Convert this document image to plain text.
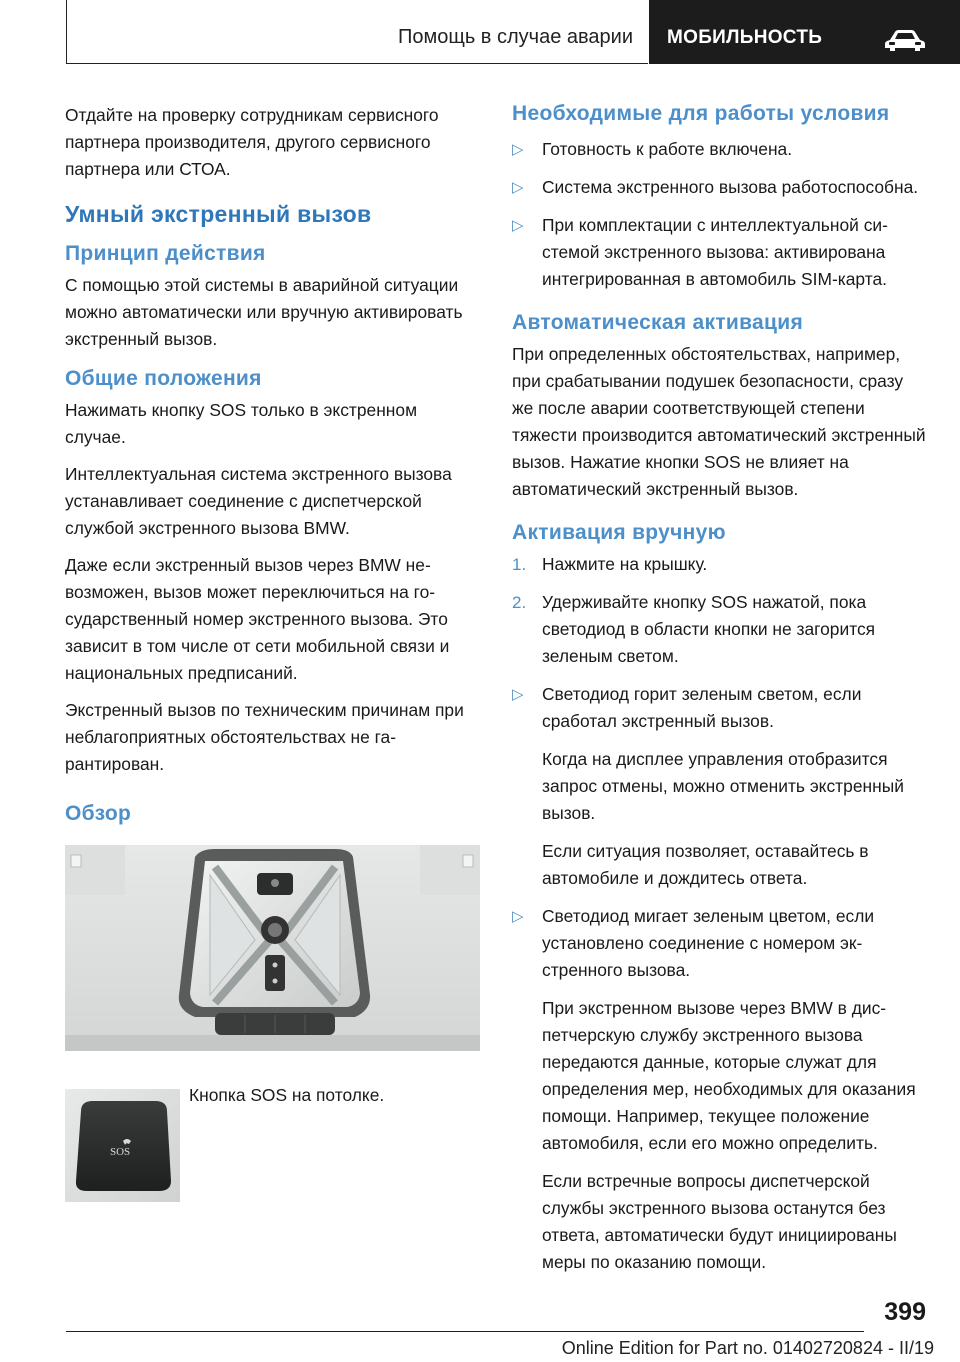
Помощь в случае аварии	МОБИЛЬНОСТЬ

Отдайте на проверку сотрудникам сервисного партнера производителя, другого сервисного партнера или СТОА.

Умный экстренный вызов
Принцип действия

С помощью этой системы в аварийной ситуации можно автоматически или вручную активировать экстренный вызов.

Общие положения

Нажимать кнопку SOS только в экстренном случае.

Интеллектуальная система экстренного вызова устанавливает соединение с диспетчерской службой экстренного вызова BMW.

Даже если экстренный вызов через BMW невозможен, вызов может переключиться на государственный номер экстренного вызова. Это зависит в том числе от сети мобильной связи и национальных предписаний.

Экстренный вызов по техническим причинам при неблагоприятных обстоятельствах не гарантирован.

Обзор
SOS
Кнопка SOS на потолке.
Необходимые для работы условия
▷ Готовность к работе включена.
▷ Система экстренного вызова работоспособна.
▷ При комплектации с интеллектуальной системой экстренного вызова: активирована интегрированная в автомобиль SIM-карта.
Автоматическая активация

При определенных обстоятельствах, например, при срабатывании подушек безопасности, сразу же после аварии соответствующей степени тяжести производится автоматический экстренный вызов. Нажатие кнопки SOS не влияет на автоматический экстренный вызов.

Активация вручную
1. Нажмите на крышку.
2. Удерживайте кнопку SOS нажатой, пока светодиод в области кнопки не загорится зеленым светом.
▷ Светодиод горит зеленым светом, если сработал экстренный вызов.
Когда на дисплее управления отобразится запрос отмены, можно отменить экстренный вызов.
Если ситуация позволяет, оставайтесь в автомобиле и дождитесь ответа.
▷ Светодиод мигает зеленым цветом, если установлено соединение с номером экстренного вызова.
При экстренном вызове через BMW в диспетчерскую службу экстренного вызова передаются данные, которые служат для определения мер, необходимых для оказания помощи. Например, текущее положение автомобиля, если его можно определить.
Если встречные вопросы диспетчерской службы экстренного вызова останутся без ответа, автоматически будут инициированы меры по оказанию помощи.
399
Online Edition for Part no. 01402720824 - II/19
